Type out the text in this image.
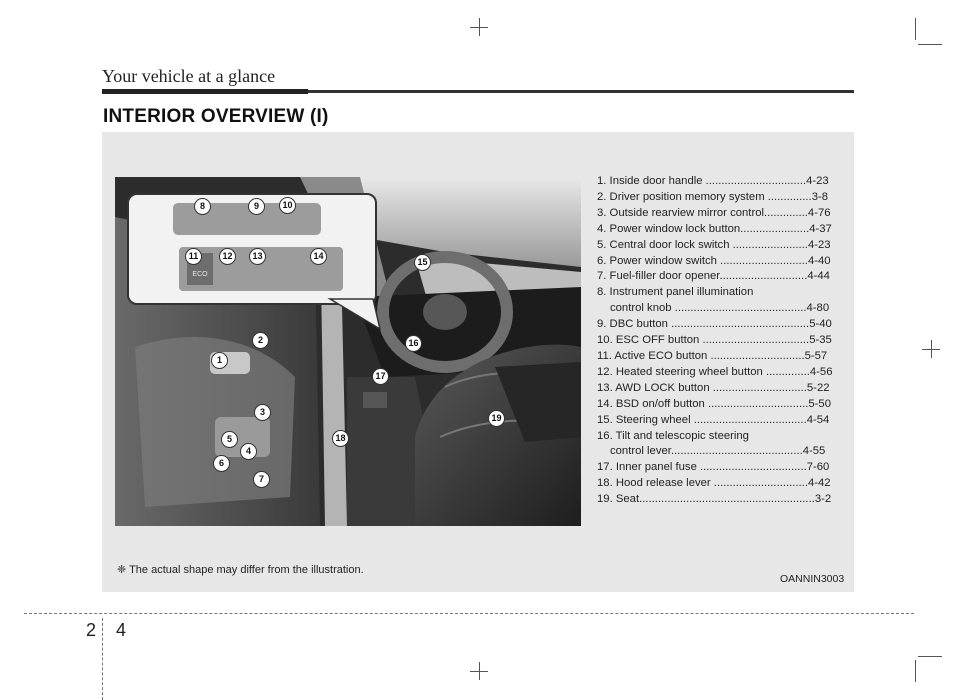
Your vehicle at a glance
INTERIOR OVERVIEW (I)
ECO
1
2
3
4
5
6
7
8	9	10
11	12	13	14
15
16
17
18
19
1. Inside door handle ................................4-23
2. Driver position memory system ..............3-8
3. Outside rearview mirror control..............4-76
4. Power window lock button......................4-37
5. Central door lock switch ........................4-23
6. Power window switch ............................4-40
7. Fuel-filler door opener............................4-44
8. Instrument panel illumination
control knob ..........................................4-80
9. DBC button ............................................5-40
10. ESC OFF button ..................................5-35
11. Active ECO button ..............................5-57
12. Heated steering wheel button ..............4-56
13. AWD LOCK button ..............................5-22
14. BSD on/off button ................................5-50
15. Steering wheel ....................................4-54
16. Tilt and telescopic steering
control lever..........................................4-55
17. Inner panel fuse ..................................7-60
18. Hood release lever ..............................4-42
19. Seat........................................................3-2
❈ The actual shape may differ from the illustration.
OANNIN3003
2 4
